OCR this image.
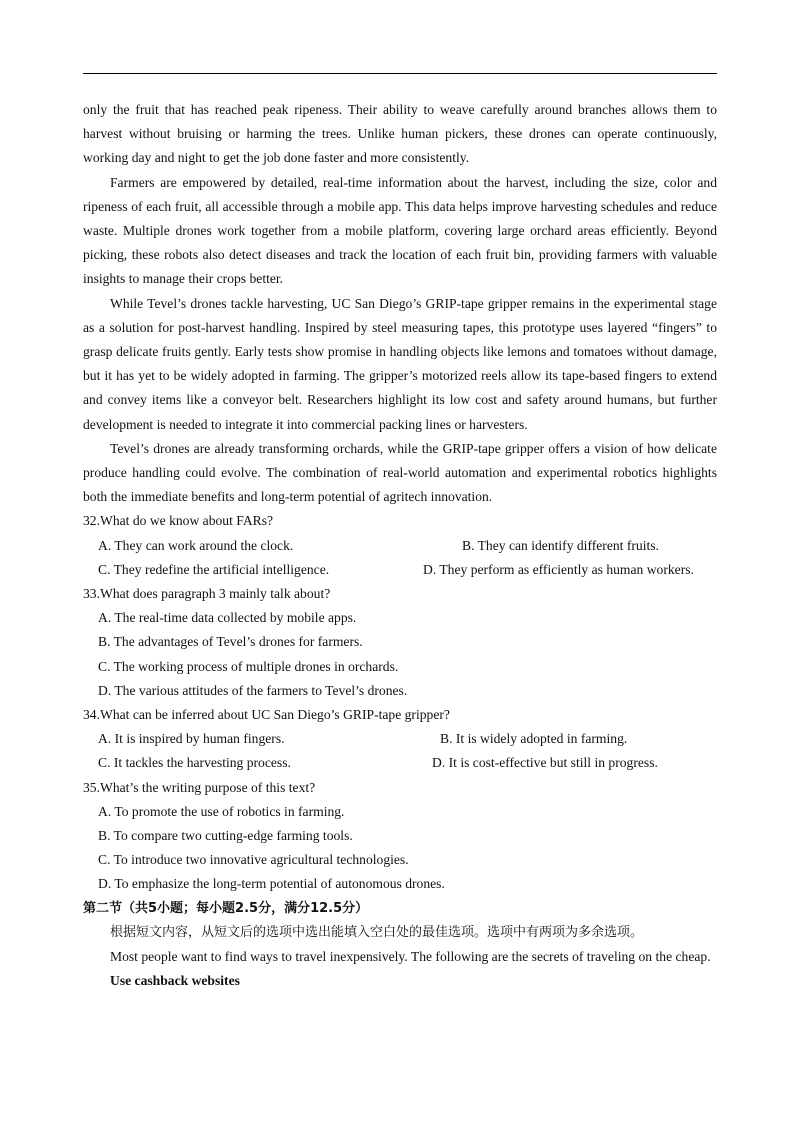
only the fruit that has reached peak ripeness. Their ability to weave carefully around branches allows them to harvest without bruising or harming the trees. Unlike human pickers, these drones can operate continuously, working day and night to get the job done faster and more consistently.

Farmers are empowered by detailed, real-time information about the harvest, including the size, color and ripeness of each fruit, all accessible through a mobile app. This data helps improve harvesting schedules and reduce waste. Multiple drones work together from a mobile platform, covering large orchard areas efficiently. Beyond picking, these robots also detect diseases and track the location of each fruit bin, providing farmers with valuable insights to manage their crops better.

While Tevel’s drones tackle harvesting, UC San Diego’s GRIP-tape gripper remains in the experimental stage as a solution for post-harvest handling. Inspired by steel measuring tapes, this prototype uses layered “fingers” to grasp delicate fruits gently. Early tests show promise in handling objects like lemons and tomatoes without damage, but it has yet to be widely adopted in farming. The gripper’s motorized reels allow its tape-based fingers to extend and convey items like a conveyor belt. Researchers highlight its low cost and safety around humans, but further development is needed to integrate it into commercial packing lines or harvesters.

Tevel’s drones are already transforming orchards, while the GRIP-tape gripper offers a vision of how delicate produce handling could evolve. The combination of real-world automation and experimental robotics highlights both the immediate benefits and long-term potential of agritech innovation.

32.What do we know about FARs?

A. They can work around the clock.	B. They can identify different fruits.
C. They redefine the artificial intelligence.	D. They perform as efficiently as human workers.

33.What does paragraph 3 mainly talk about?

A. The real-time data collected by mobile apps.

B. The advantages of Tevel’s drones for farmers.

C. The working process of multiple drones in orchards.

D. The various attitudes of the farmers to Tevel’s drones.

34.What can be inferred about UC San Diego’s GRIP-tape gripper?

A. It is inspired by human fingers.	B. It is widely adopted in farming.
C. It tackles the harvesting process.	D. It is cost-effective but still in progress.

35.What’s the writing purpose of this text?

A. To promote the use of robotics in farming.

B. To compare two cutting-edge farming tools.

C. To introduce two innovative agricultural technologies.

D. To emphasize the long-term potential of autonomous drones.

第二节（共5小题；每小题2.5分，满分12.5分）

根据短文内容，从短文后的选项中选出能填入空白处的最佳选项。选项中有两项为多余选项。

Most people want to find ways to travel inexpensively. The following are the secrets of traveling on the cheap.

Use cashback websites
